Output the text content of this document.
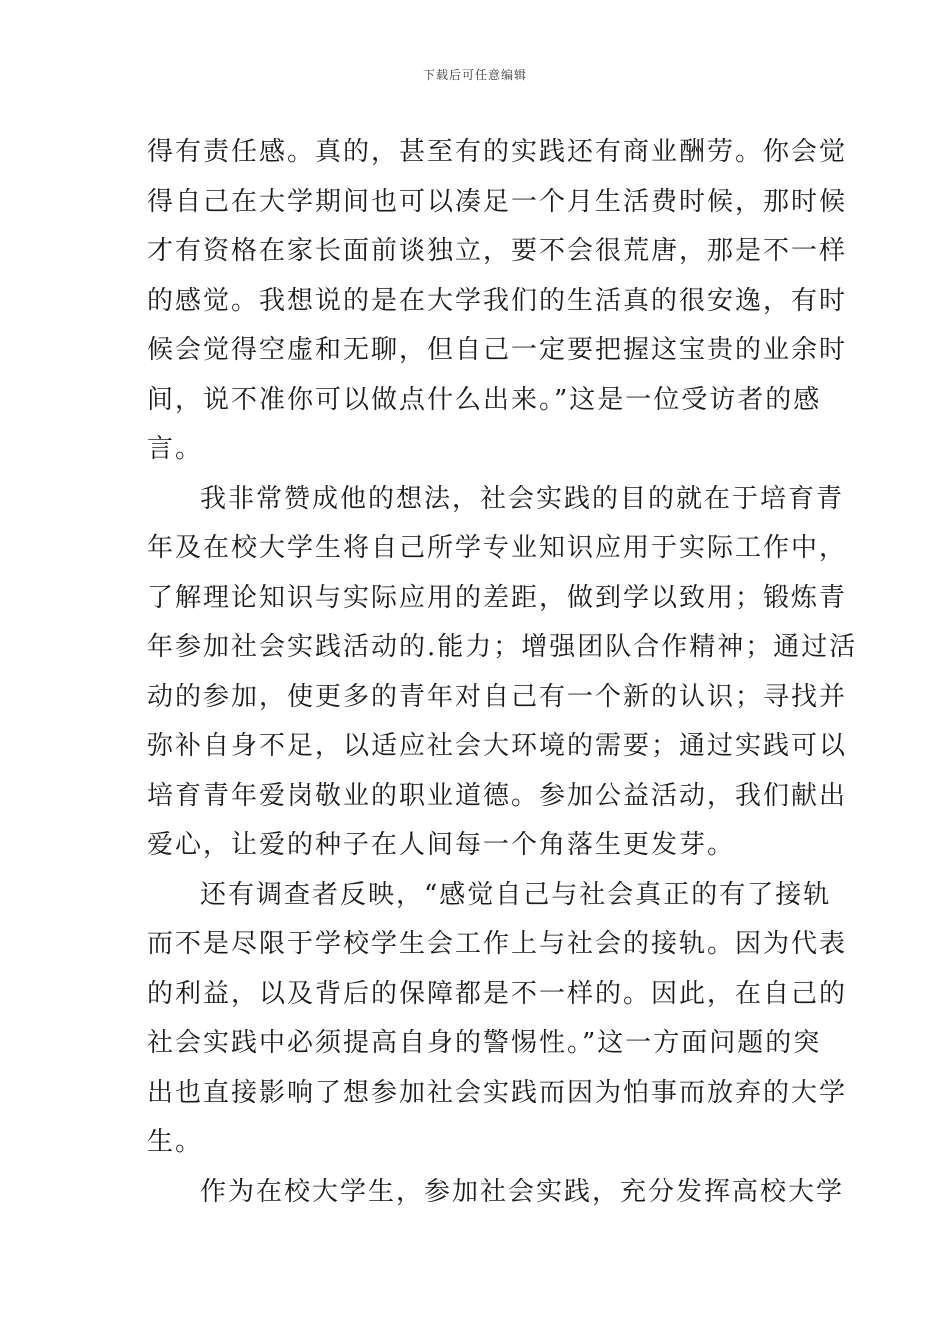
下载后可任意编辑
得有责任感。真的，甚至有的实践还有商业酬劳。你会觉
得自己在大学期间也可以凑足一个月生活费时候，那时候
才有资格在家长面前谈独立，要不会很荒唐，那是不一样
的感觉。我想说的是在大学我们的生活真的很安逸，有时
候会觉得空虚和无聊，但自己一定要把握这宝贵的业余时
间，说不准你可以做点什么出来。”这是一位受访者的感
言。
我非常赞成他的想法，社会实践的目的就在于培育青
年及在校大学生将自己所学专业知识应用于实际工作中，
了解理论知识与实际应用的差距，做到学以致用；锻炼青
年参加社会实践活动的.能力；增强团队合作精神；通过活
动的参加，使更多的青年对自己有一个新的认识；寻找并
弥补自身不足，以适应社会大环境的需要；通过实践可以
培育青年爱岗敬业的职业道德。参加公益活动，我们献出
爱心，让爱的种子在人间每一个角落生更发芽。
还有调查者反映，“感觉自己与社会真正的有了接轨
而不是尽限于学校学生会工作上与社会的接轨。因为代表
的利益，以及背后的保障都是不一样的。因此，在自己的
社会实践中必须提高自身的警惕性。”这一方面问题的突
出也直接影响了想参加社会实践而因为怕事而放弃的大学
生。
作为在校大学生，参加社会实践，充分发挥高校大学
